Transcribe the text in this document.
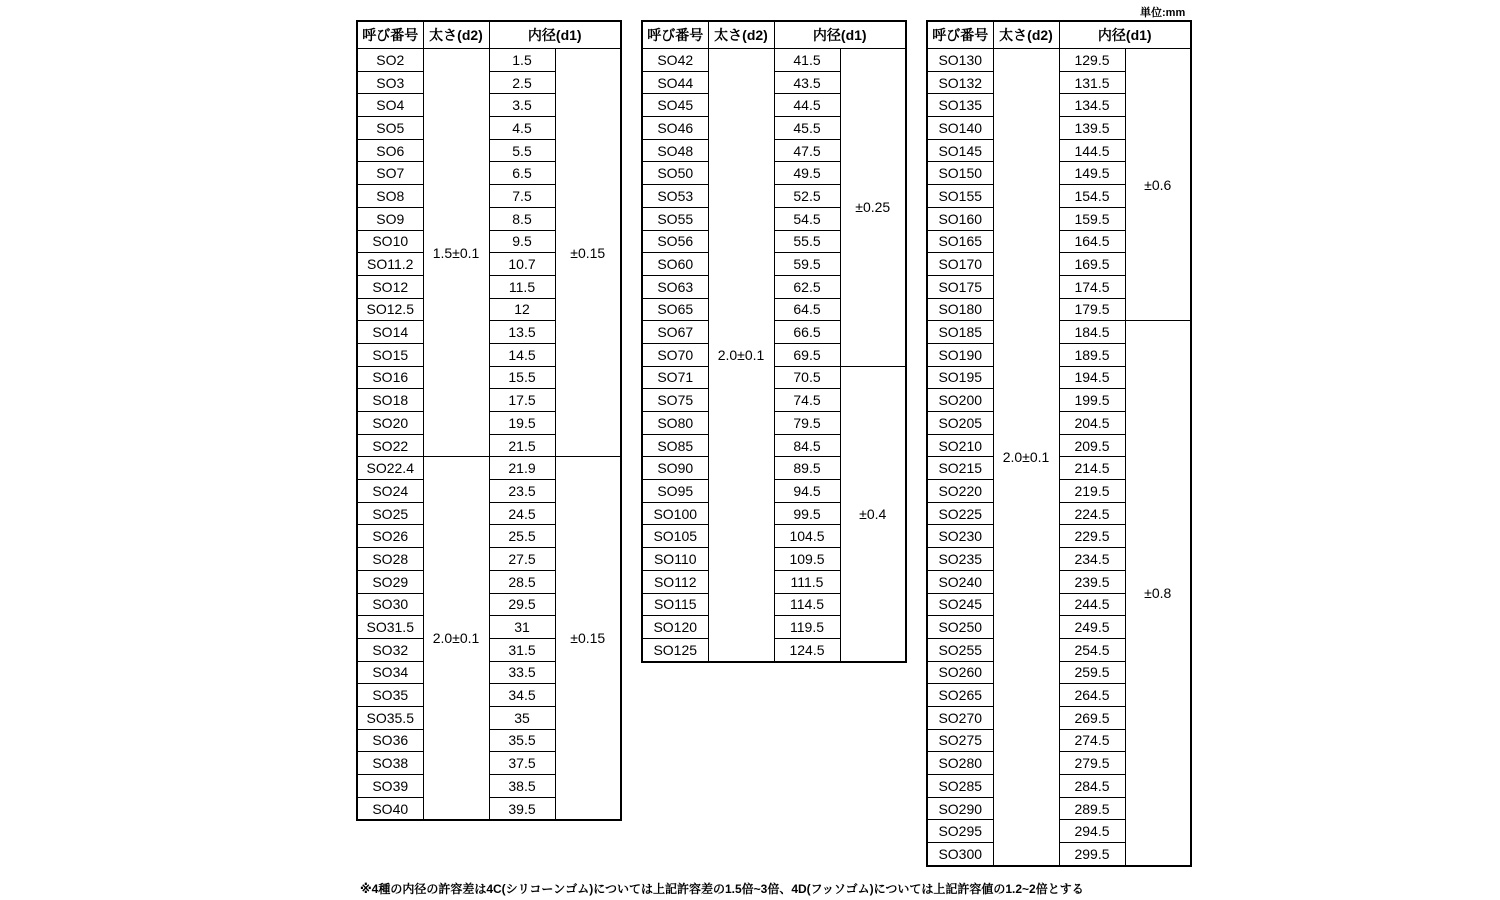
単位:mm
呼び番号	太さ(d2)	内径(d1)	
SO2	1.5±0.1	1.5	±0.15
SO3		2.5	
SO4		3.5	
SO5		4.5	
SO6		5.5	
SO7		6.5	
SO8		7.5	
SO9		8.5	
SO10		9.5	
SO11.2		10.7	
SO12		11.5	
SO12.5		12	
SO14		13.5	
SO15		14.5	
SO16		15.5	
SO18		17.5	
SO20		19.5	
SO22		21.5	
SO22.4	2.0±0.1	21.9	±0.15
SO24		23.5	
SO25		24.5	
SO26		25.5	
SO28		27.5	
SO29		28.5	
SO30		29.5	
SO31.5		31	
SO32		31.5	
SO34		33.5	
SO35		34.5	
SO35.5		35	
SO36		35.5	
SO38		37.5	
SO39		38.5	
SO40		39.5	
呼び番号	太さ(d2)	内径(d1)	
SO42	2.0±0.1	41.5	±0.25
SO44		43.5	
SO45		44.5	
SO46		45.5	
SO48		47.5	
SO50		49.5	
SO53		52.5	
SO55		54.5	
SO56		55.5	
SO60		59.5	
SO63		62.5	
SO65		64.5	
SO67		66.5	
SO70		69.5	
SO71		70.5	±0.4
SO75		74.5	
SO80		79.5	
SO85		84.5	
SO90		89.5	
SO95		94.5	
SO100		99.5	
SO105		104.5	
SO110		109.5	
SO112		111.5	
SO115		114.5	
SO120		119.5	
SO125		124.5	
呼び番号	太さ(d2)	内径(d1)	
SO130	2.0±0.1	129.5	±0.6
SO132		131.5	
SO135		134.5	
SO140		139.5	
SO145		144.5	
SO150		149.5	
SO155		154.5	
SO160		159.5	
SO165		164.5	
SO170		169.5	
SO175		174.5	
SO180		179.5	
SO185		184.5	±0.8
SO190		189.5	
SO195		194.5	
SO200		199.5	
SO205		204.5	
SO210		209.5	
SO215		214.5	
SO220		219.5	
SO225		224.5	
SO230		229.5	
SO235		234.5	
SO240		239.5	
SO245		244.5	
SO250		249.5	
SO255		254.5	
SO260		259.5	
SO265		264.5	
SO270		269.5	
SO275		274.5	
SO280		279.5	
SO285		284.5	
SO290		289.5	
SO295		294.5	
SO300		299.5	
※4種の内径の許容差は4C(シリコーンゴム)については上記許容差の1.5倍~3倍、4D(フッソゴム)については上記許容値の1.2~2倍とする
